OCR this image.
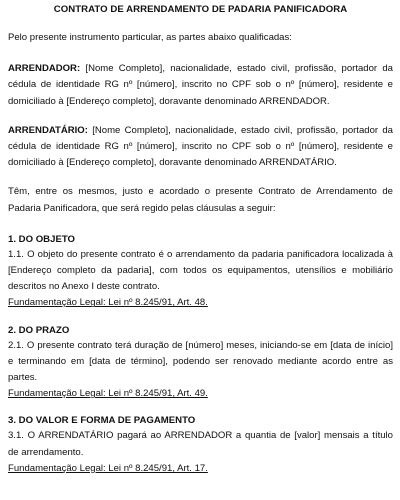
CONTRATO DE ARRENDAMENTO DE PADARIA PANIFICADORA

Pelo presente instrumento particular, as partes abaixo qualificadas:

ARRENDADOR: [Nome Completo], nacionalidade, estado civil, profissão, portador da cédula de identidade RG nº [número], inscrito no CPF sob o nº [número], residente e domiciliado à [Endereço completo], doravante denominado ARRENDADOR.

ARRENDATÁRIO: [Nome Completo], nacionalidade, estado civil, profissão, portador da cédula de identidade RG nº [número], inscrito no CPF sob o nº [número], residente e domiciliado à [Endereço completo], doravante denominado ARRENDATÁRIO.

Têm, entre os mesmos, justo e acordado o presente Contrato de Arrendamento de Padaria Panificadora, que será regido pelas cláusulas a seguir:

1. DO OBJETO

1.1. O objeto do presente contrato é o arrendamento da padaria panificadora localizada à [Endereço completo da padaria], com todos os equipamentos, utensílios e mobiliário descritos no Anexo I deste contrato.

Fundamentação Legal: Lei nº 8.245/91, Art. 48.

2. DO PRAZO

2.1. O presente contrato terá duração de [número] meses, iniciando-se em [data de início] e terminando em [data de término], podendo ser renovado mediante acordo entre as partes.

Fundamentação Legal: Lei nº 8.245/91, Art. 49.

3. DO VALOR E FORMA DE PAGAMENTO

3.1. O ARRENDATÁRIO pagará ao ARRENDADOR a quantia de [valor] mensais a título de arrendamento.

Fundamentação Legal: Lei nº 8.245/91, Art. 17.
